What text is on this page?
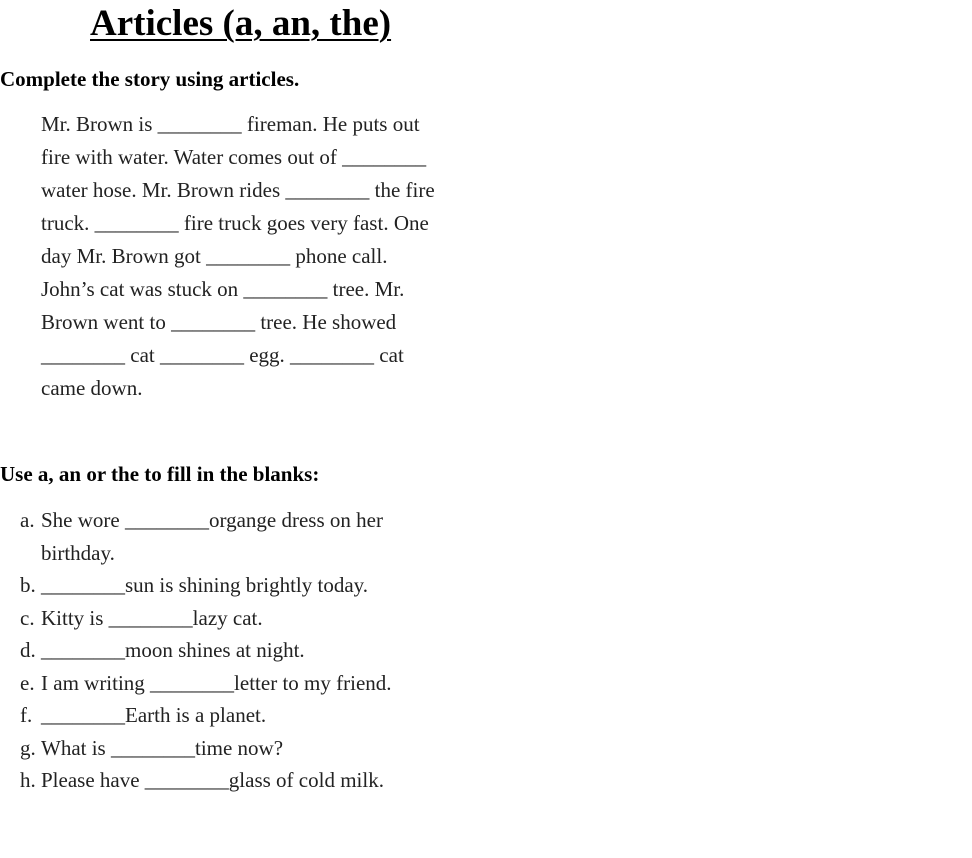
Articles (a, an, the)
Complete the story using articles.
Mr. Brown is ________ fireman. He puts out
fire with water. Water comes out of ________
water hose. Mr. Brown rides ________ the fire
truck. ________ fire truck goes very fast. One
day Mr. Brown got ________ phone call.
John’s cat was stuck on ________ tree. Mr.
Brown went to ________ tree. He showed
________ cat ________ egg. ________ cat
came down.
Use a, an or the to fill in the blanks:
a. She wore ________organge dress on her
birthday.
b. ________sun is shining brightly today.
c. Kitty is ________lazy cat.
d. ________moon shines at night.
e. I am writing ________letter to my friend.
f. ________Earth is a planet.
g. What is ________time now?
h. Please have ________glass of cold milk.
